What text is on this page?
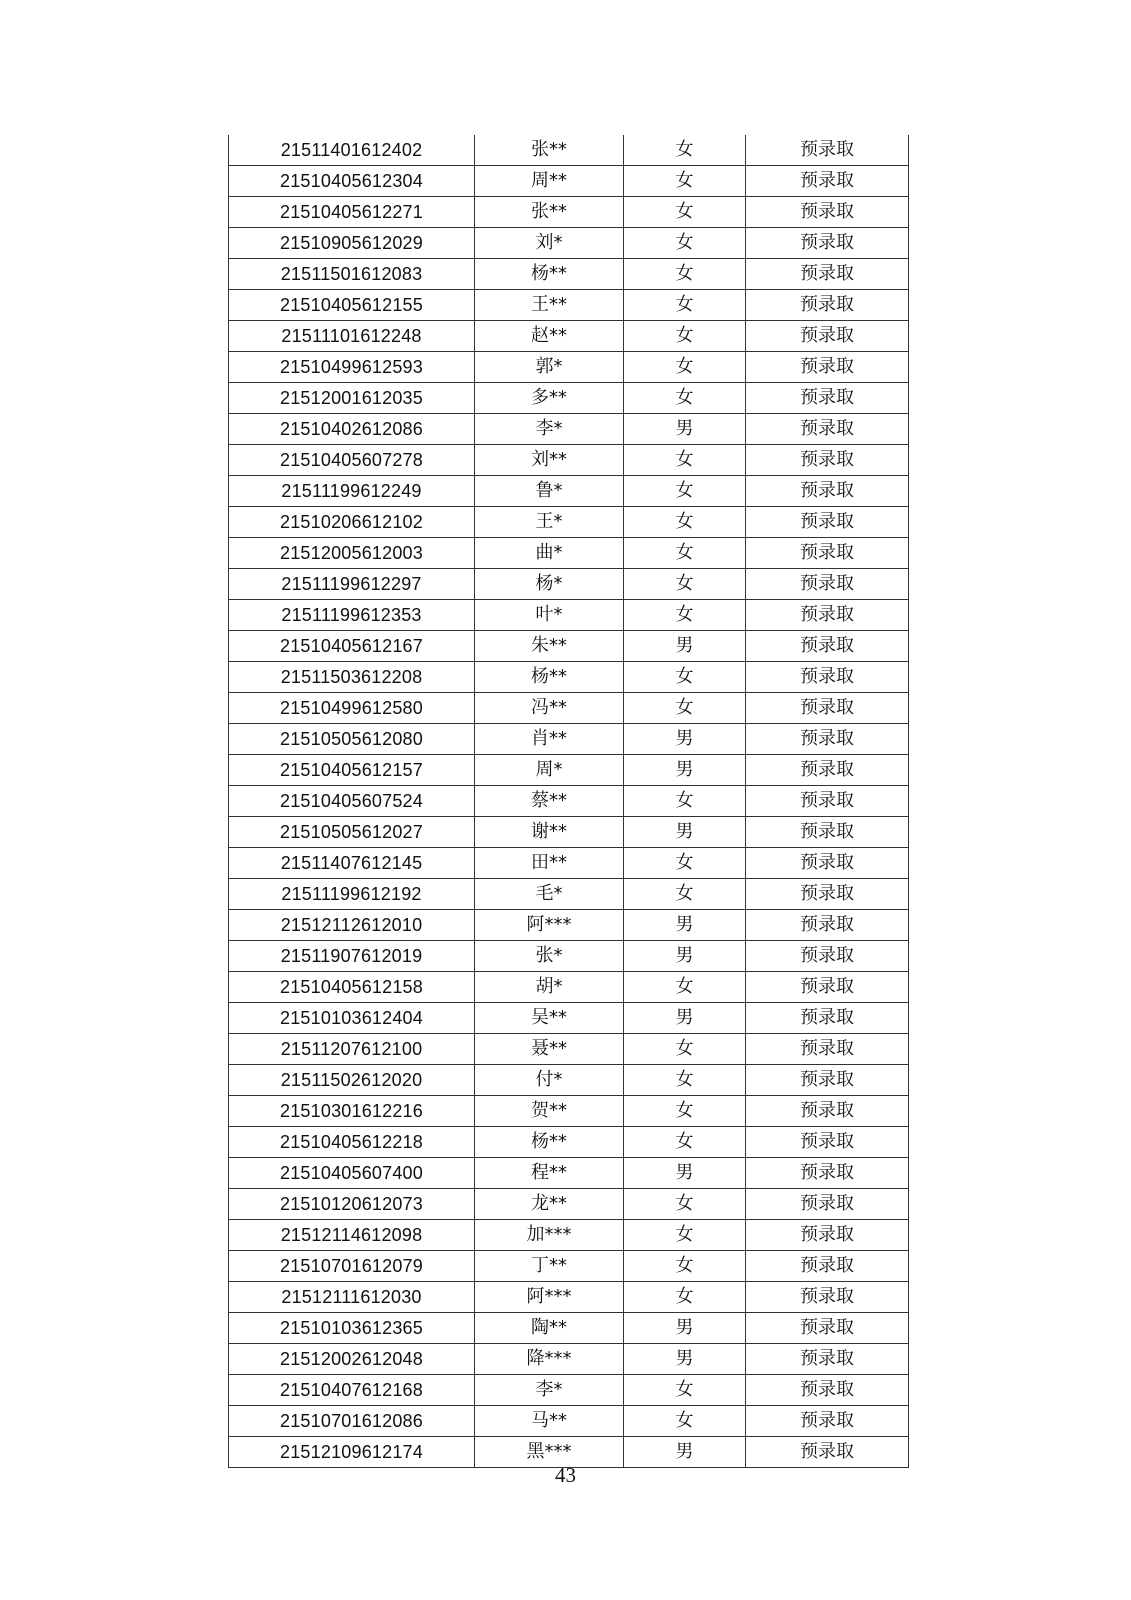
21511401612402	张**	女	预录取
21510405612304	周**	女	预录取
21510405612271	张**	女	预录取
21510905612029	刘*	女	预录取
21511501612083	杨**	女	预录取
21510405612155	王**	女	预录取
21511101612248	赵**	女	预录取
21510499612593	郭*	女	预录取
21512001612035	多**	女	预录取
21510402612086	李*	男	预录取
21510405607278	刘**	女	预录取
21511199612249	鲁*	女	预录取
21510206612102	王*	女	预录取
21512005612003	曲*	女	预录取
21511199612297	杨*	女	预录取
21511199612353	叶*	女	预录取
21510405612167	朱**	男	预录取
21511503612208	杨**	女	预录取
21510499612580	冯**	女	预录取
21510505612080	肖**	男	预录取
21510405612157	周*	男	预录取
21510405607524	蔡**	女	预录取
21510505612027	谢**	男	预录取
21511407612145	田**	女	预录取
21511199612192	毛*	女	预录取
21512112612010	阿***	男	预录取
21511907612019	张*	男	预录取
21510405612158	胡*	女	预录取
21510103612404	吴**	男	预录取
21511207612100	聂**	女	预录取
21511502612020	付*	女	预录取
21510301612216	贺**	女	预录取
21510405612218	杨**	女	预录取
21510405607400	程**	男	预录取
21510120612073	龙**	女	预录取
21512114612098	加***	女	预录取
21510701612079	丁**	女	预录取
21512111612030	阿***	女	预录取
21510103612365	陶**	男	预录取
21512002612048	降***	男	预录取
21510407612168	李*	女	预录取
21510701612086	马**	女	预录取
21512109612174	黑***	男	预录取
43
